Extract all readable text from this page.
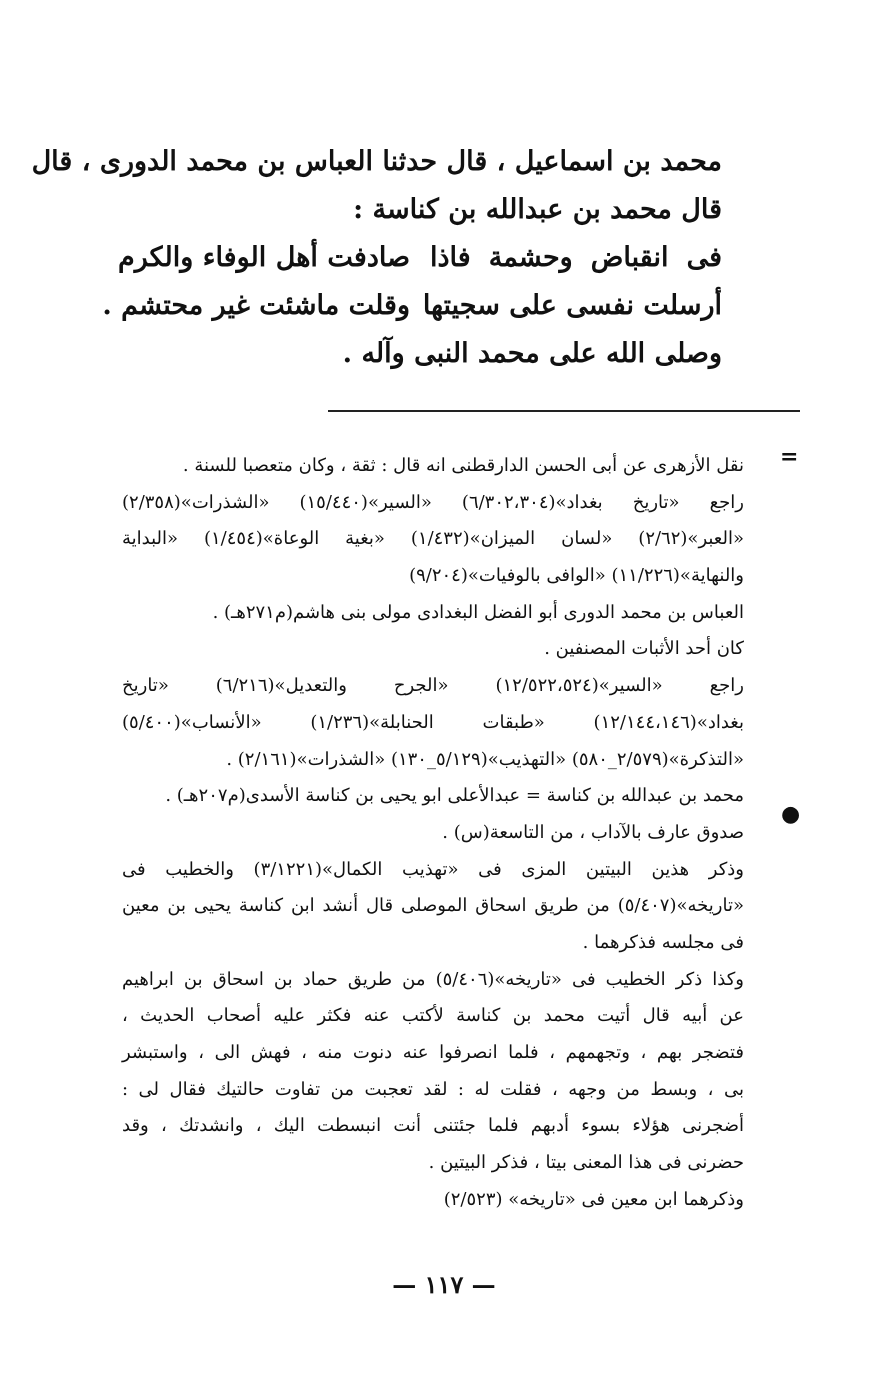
محمد بن اسماعيل ، قال حدثنا العباس بن محمد الدورى ، قال
قال محمد بن عبدالله بن كناسة :
فى انقباض وحشمة فاذا
صادفت أهل الوفاء والكرم
أرسلت نفسى على سجيتها
وقلت ماشئت غير محتشم .
وصلى الله على محمد النبى وآله .
=
●
نقل الأزهرى عن أبى الحسن الدارقطنى انه قال : ثقة ، وكان متعصبا للسنة .
راجع «تاريخ بغداد»(٦/٣٠٢،٣٠٤) «السير»(١٥/٤٤٠) «الشذرات»(٢/٣٥٨)
«العبر»(٢/٦٢) «لسان الميزان»(١/٤٣٢) «بغية الوعاة»(١/٤٥٤) «البداية
والنهاية»(١١/٢٢٦) «الوافى بالوفيات»(٩/٢٠٤)
العباس بن محمد الدورى أبو الفضل البغدادى مولى بنى هاشم(م٢٧١هـ) .
كان أحد الأثبات المصنفين .
راجع «السير»(١٢/٥٢٢،٥٢٤) «الجرح والتعديل»(٦/٢١٦) «تاريخ
بغداد»(١٢/١٤٤،١٤٦) «طبقات الحنابلة»(١/٢٣٦) «الأنساب»(٥/٤٠٠)
«التذكرة»(٢/٥٧٩_٥٨٠) «التهذيب»(٥/١٢٩_١٣٠) «الشذرات»(٢/١٦١) .
محمد بن عبدالله بن كناسة = عبدالأعلى ابو يحيى بن كناسة الأسدى(م٢٠٧هـ) .
صدوق عارف بالآداب ، من التاسعة(س) .
وذكر هذين البيتين المزى فى «تهذيب الكمال»(٣/١٢٢١) والخطيب فى
«تاريخه»(٥/٤٠٧) من طريق اسحاق الموصلى قال أنشد ابن كناسة يحيى بن معين
فى مجلسه فذكرهما .
وكذا ذكر الخطيب فى «تاريخه»(٥/٤٠٦) من طريق حماد بن اسحاق بن ابراهيم
عن أبيه قال أتيت محمد بن كناسة لأكتب عنه فكثر عليه أصحاب الحديث ،
فتضجر بهم ، وتجهمهم ، فلما انصرفوا عنه دنوت منه ، فهش الى ، واستبشر
بى ، وبسط من وجهه ، فقلت له : لقد تعجبت من تفاوت حالتيك فقال لى :
أضجرنى هؤلاء بسوء أدبهم فلما جئتنى أنت انبسطت اليك ، وانشدتك ، وقد
حضرنى فى هذا المعنى بيتا ، فذكر البيتين .
وذكرهما ابن معين فى «تاريخه» (٢/٥٢٣)
— ١١٧ —
